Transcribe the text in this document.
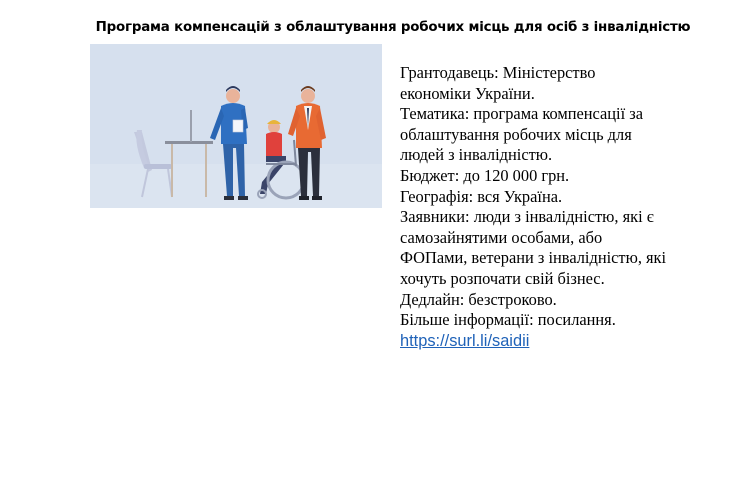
Програма компенсацій з облаштування робочих місць для осіб з інвалідністю
Грантодавець: Міністерство
економіки України.
Тематика: програма компенсації за
облаштування робочих місць для
людей з інвалідністю.
Бюджет: до 120 000 грн.
Географія: вся Україна.
Заявники: люди з інвалідністю, які є
самозайнятими особами, або
ФОПами, ветерани з інвалідністю, які
хочуть розпочати свій бізнес.
Дедлайн: безстроково.
Більше інформації: посилання.
https://surl.li/saidii
